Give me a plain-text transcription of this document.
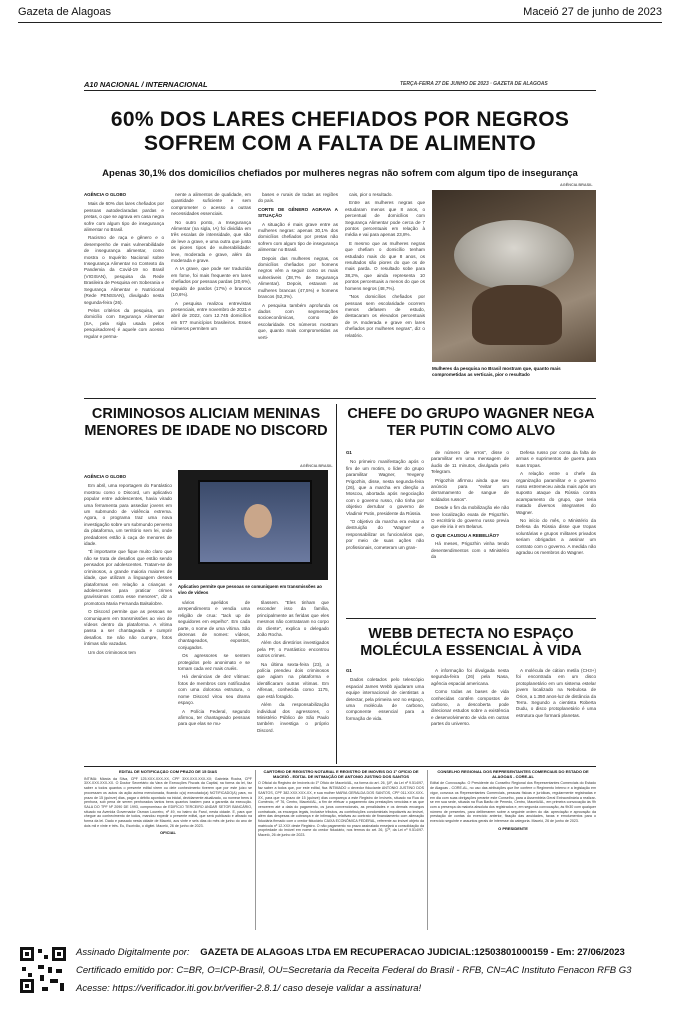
Gazeta de Alagoas	Maceió 27 de junho de 2023
A10 NACIONAL / INTERNACIONAL	TERÇA-FEIRA 27 DE JUNHO DE 2023 · GAZETA DE ALAGOAS
60% DOS LARES CHEFIADOS POR NEGROS SOFREM COM A FALTA DE ALIMENTO
Apenas 30,1% dos domicílios chefiados por mulheres negras não sofrem com algum tipo de insegurança
AGÊNCIA O GLOBO

Mais de 60% dos lares chefiados por pessoas autodeclaradas pardas e pretas, o que se agrava em casa negra sofre com algum tipo de insegurança alimentar no Brasil.

Racismo de raça e gênero e o desempenho de mais vulnerabilidade de insegurança alimentar, como mostra o Inquérito Nacional sobre Insegurança Alimentar no Contexto da Pandemia da Covid-19 no Brasil (VIGISAN), pesquisa da Rede Brasileira de Pesquisa em Soberania e Segurança Alimentar e Nutricional (Rede PENSSAN), divulgado nesta segunda-feira (26).

Pelos critérios da pesquisa, um domicílio com Segurança Alimentar (SA, pela sigla usada pelos pesquisadores) é aquele com acesso regular e perma-

nente a alimentos de qualidade, em quantidade suficiente e sem comprometer o acesso a outras necessidades essenciais.

No outro ponto, a Insegurança Alimentar (na sigla, IA) foi dividida em três escalas de intensidade, que são de leve a grave, e uma outra que junta os piores tipos de vulnerabilidade: leve, moderada e grave, além da moderada e grave.

A IA grave, que pode ser traduzida em fome, foi mais frequente em lares chefiados por pessoas pardas (20,6%), seguido de pardos (17%) e brancos (10,6%).

A pesquisa realizou entrevistas presenciais, entre novembro de 2021 e abril de 2022, com 12.745 domicílios em 577 municípios brasileiros. Esses números permitem um

bases e rurais de todas as regiões do país.

CORTE DE GÊNERO AGRAVA A SITUAÇÃO

A situação é mais grave entre as mulheres negras: apenas 30,1% dos domicílios chefiados por pretas não sofrem com algum tipo de insegurança alimentar no Brasil.

Depois das mulheres negras, os domicílios chefiados por homens negros vêm a seguir como os mais vulneráveis (38,7% de Segurança Alimentar). Depois, estavam as mulheres brancas (47,5%) e homens brancos (52,3%).

A pesquisa também aprofunda os dados com segmentações socioeconômicas, como de escolaridade. Os números mostram que, quanto mais comprometidas as verti-

cais, pior o resultado.

Entre as mulheres negras que estudaram menos que 8 anos, o percentual de domicílios com Segurança Alimentar pode cerca de 7 pontos percentuais em relação à média e vai para apenas 23,8%.

E mesmo que as mulheres negras que chefiam o domicílio tenham estudado mais do que 8 anos, os resultados são piores do que os de mais parda. O resultado sobe para 38,2%, que ainda representa 10 pontos percentuais a menos do que os homens negros (48,7%).

"Nos domicílios chefiados por pessoas sem escolaridade ocorrem menos defasem de estudo, destacaram os elevados percentuais de IA moderada e grave em lares chefiados por mulheres negras", diz o relatório.

AGÊNCIA BRASIL
Mulheres da pesquisa no Brasil mostram que, quanto mais comprometidas as verticais, pior o resultado
CRIMINOSOS ALICIAM MENINAS MENORES DE IDADE NO DISCORD
AGÊNCIA BRASIL
AGÊNCIA O GLOBO

Em abril, uma reportagem do Fantástico mostrou como o Discord, um aplicativo popular entre adolescentes, havia virado uma ferramenta para assediar jovens em um submundo de violência extrema. Agora, o programa traz uma nova investigação sobre um submundo perverso da plataforma, um território sem lei, onde predadores estão à caça de menores de idade.

"É importante que fique muito claro que não se trata de desafios que estão sendo pensados por adolescentes. Tratam-se de criminosos, a grande maioria maiores de idade, que utilizam a linguagem desses plataformas em relação a crianças e adolescentes para praticar crimes gravíssimos contra esse menores", diz a promotora Maria Fernanda Balsalobre.

O Discord permite que as pessoas se comuniquem em transmissões ao vivo de vídeos dentro da plataforma. A vítima passa a ser chantageada e cumprir desafios. Se não não cumpre, fotos íntimas são vazadas.

Um dos criminosos tem

Aplicativo permite que pessoas se comuniquem em transmissões ao vivo de vídeos

vários apelidos de arrependimento e vendia uma religião de crua: "tack up de seguidores em espelho". Em cada parte, o nome de uma vítima. São dezenas de nomes: vídeos, chantageados, expostos, conjugados.

Os agressores se sentem protegidos pelo anonimato e se tornam cada vez mais cruéis.

Há denúncias de dez vítimas: fotos de membros com notificadas com uma dolorosa estrutura, o nome Discord virou seu drama espaço.

A Polícia Federal, segundo afirmou, ter chantageado pessoas para que elas se mu-

tilassem. "Eles tinham que esconder isso da família, principalmente as feridas que eles mesmos não contrataram no corpo do cliente", explica o delegado João Rocha.

Além dos diretórios investigados pela PF, o Fantástico encontrou outros crimes.

Na última sexta-feira (23), a polícia prendeu dois criminosos que agiam na plataforma e identificaram outras vítimas. Em Alfenas, conhecida como 1175, que está foragido.

Além da responsabilização individual dos agressores, o Ministério Público de São Paulo também investiga o próprio Discord.

CHEFE DO GRUPO WAGNER NEGA TER PUTIN COMO ALVO
G1

No primeiro manifestação após o fim de um motim, o líder do grupo paramilitar Wagner, Yevgeny Prigozhin, disse, nesta segunda-feira (26), que a marcha em direção a Moscou, abortada após negociação com o governo russo, não tinha por objetivo derrubar o governo de Vladimir Putin, presidente da Rússia.

"O objetivo da marcha era evitar a destruição do 'Wagner' e responsabilizar os funcionários que, por meio de suas ações não profissionais, cometeram um gran-

de número de erros", disse o paramilitar em uma mensagem de áudio de 11 minutos, divulgada pelo Telegram.

Prigozhin afirmou ainda que seu anúncio para "evitar um derramamento de sangue de soldados russos".

Desde o fim da mobilização ele não teve localização exata de Prigozhin. O escritório do governo russo previa que ele iria ir em Belarus.

O QUE CAUSOU A REBELIÃO?

Há meses, Prigozhin vinha tendo desentendimentos com o Ministério da

Defesa russo por conta da falta de armas e suprimentos de guerra para suas tropas.

A relação entre o chefe da organização paramilitar e o governo russo estremeceu ainda mais após um suposto ataque da Rússia contra acampamento do grupo, que teria matado diversos integrantes do Wagner.

No início do mês, o Ministério da Defesa da Rússia disse que tropas voluntárias e grupos militares privados seriam obrigados a assinar um contrato com o governo. A medida não agradou os membros do Wagner.

WEBB DETECTA NO ESPAÇO MOLÉCULA ESSENCIAL À VIDA
G1

Dados coletados pelo telescópio espacial James Webb ajudaram uma equipe internacional de cientistas a detectar, pela primeira vez no espaço, uma molécula de carbono, componente essencial para a formação de vida.

A informação foi divulgada nesta segunda-feira (26) pela Nasa, agência espacial americana.

Como todas as bases de vida conhecidas contêm compostos de carbono, a descoberta pode direcionar estudos sobre a existência e desenvolvimento de vida em outras partes do universo.

A molécula de cátion metila (CH3+) foi encontrada em um disco protoplanetário em um sistema estelar jovem localizado na Nebulosa de Órion, a 1.350 anos-luz de distância da Terra. Segundo a cientista Roberta Dudu, o disco protoplanetário é uma estrutura que formará planetas.

EDITAL DE NOTIFICAÇÃO COM PRAZO DE 15 DIAS
INTIMA: Márcia da Silva, CPF 125.XXX.XXX-XX, CPF 3XX.XXX.XXX-XX; Gabriela Rocha, CPF 3XX.XXX.XXX-XX. O Doutor Secretário da Vara de Execuções Fiscais da Capital, na forma da lei, faz saber a todos quantos o presente edital virem ou dele conhecimento tiverem que por este juízo se processam os autos da ação acima mencionada, ficando o(a) executado(a) NOTIFICADO(A) para, no prazo de 15 (quinze) dias, pagar o débito apontado na inicial, devidamente atualizado, ou nomear bens à penhora, sob pena de serem penhorados tantos bens quantos bastem para a garantia da execução. SALA DO TPF Nº 2090 DE 1993, compromisso de EDIFÍCIO TERCEIRO ANDAR SETOR BANCÁRIO, situado na Avenida Governador Osman Loureiro, nº 49, no bairro do Farol, nesta cidade. E, para que chegue ao conhecimento de todos, mandou expedir o presente edital, que será publicado e afixado na forma da lei. Dado e passado nesta cidade de Maceió, aos vinte e seis dias do mês de junho do ano de dois mil e vinte e três. Eu, Escrivão, o digitei. Maceió, 26 de junho de 2023.
OFICIAL
CARTÓRIO DE REGISTRO NOTARIAL E REGISTRO DE IMÓVEIS DO 1º OFÍCIO DE MACEIÓ - EDITAL DE INTIMAÇÃO DE ANTONIO JUSTINO DOS SANTOS
O Oficial do Registro de Imóveis do 1º Ofício de Maceió/AL, na forma do art. 26, §4º, da Lei nº 9.514/97, faz saber a todos que, por este edital, fica INTIMADO o devedor fiduciante ANTONIO JUSTINO DOS SANTOS, CPF 382.XXX.XXX-XX, e sua mulher MARIA GERALDA DOS SANTOS, CPF 011.XXX.XXX-XX, para que no prazo de 15 (quinze) dias compareça a este Registro de Imóveis, situado na Rua do Comércio, nº 76, Centro, Maceió/AL, a fim de efetuar o pagamento das prestações vencidas e as que vencerem até a data do pagamento, os juros convencionais, as penalidades e os demais encargos contratuais, os encargos legais, inclusive tributos, as contribuições condominiais imputáveis ao imóvel, além das despesas de cobrança e de intimação, relativas ao contrato de financiamento com alienação fiduciária firmado com o credor fiduciário CAIXA ECONÔMICA FEDERAL, referente ao imóvel objeto da matrícula nº 12.XXX deste Registro. O não pagamento no prazo assinalado ensejará a consolidação da propriedade do imóvel em nome do credor fiduciário, nos termos do art. 26, §7º, da Lei nº 9.514/97. Maceió, 26 de junho de 2023.
CONSELHO REGIONAL DOS REPRESENTANTES COMERCIAIS DO ESTADO DE ALAGOAS - CORE-AL
Edital de Convocação. O Presidente do Conselho Regional dos Representantes Comerciais do Estado de Alagoas - CORE-AL, no uso das atribuições que lhe confere o Regimento Interno e a legislação em vigor, convoca os Representantes Comerciais, pessoas físicas e jurídicas, regularmente registradas e em dia com suas obrigações perante este Conselho, para a Assembleia Geral Extraordinária a realizar-se em sua sede, situada na Rua Barão de Penedo, Centro, Maceió/AL, em primeira convocação às 9h com a presença da maioria absoluta dos registrados e, em segunda convocação, às 9h30 com qualquer número de presentes, para deliberarem sobre a seguinte ordem do dia: apreciação e aprovação da prestação de contas do exercício anterior, fixação das anuidades, taxas e emolumentos para o exercício seguinte e assuntos gerais de interesse da categoria. Maceió, 26 de junho de 2023.
O PRESIDENTE
Assinado Digitalmente por: GAZETA DE ALAGOAS LTDA EM RECUPERACAO JUDICIAL:12503801000159 - Em: 27/06/2023
Certificado emitido por: C=BR, O=ICP-Brasil, OU=Secretaria da Receita Federal do Brasil - RFB, CN=AC Instituto Fenacon RFB G3
Acesse: https://verificador.iti.gov.br/verifier-2.8.1/ caso deseje validar a assinatura!
